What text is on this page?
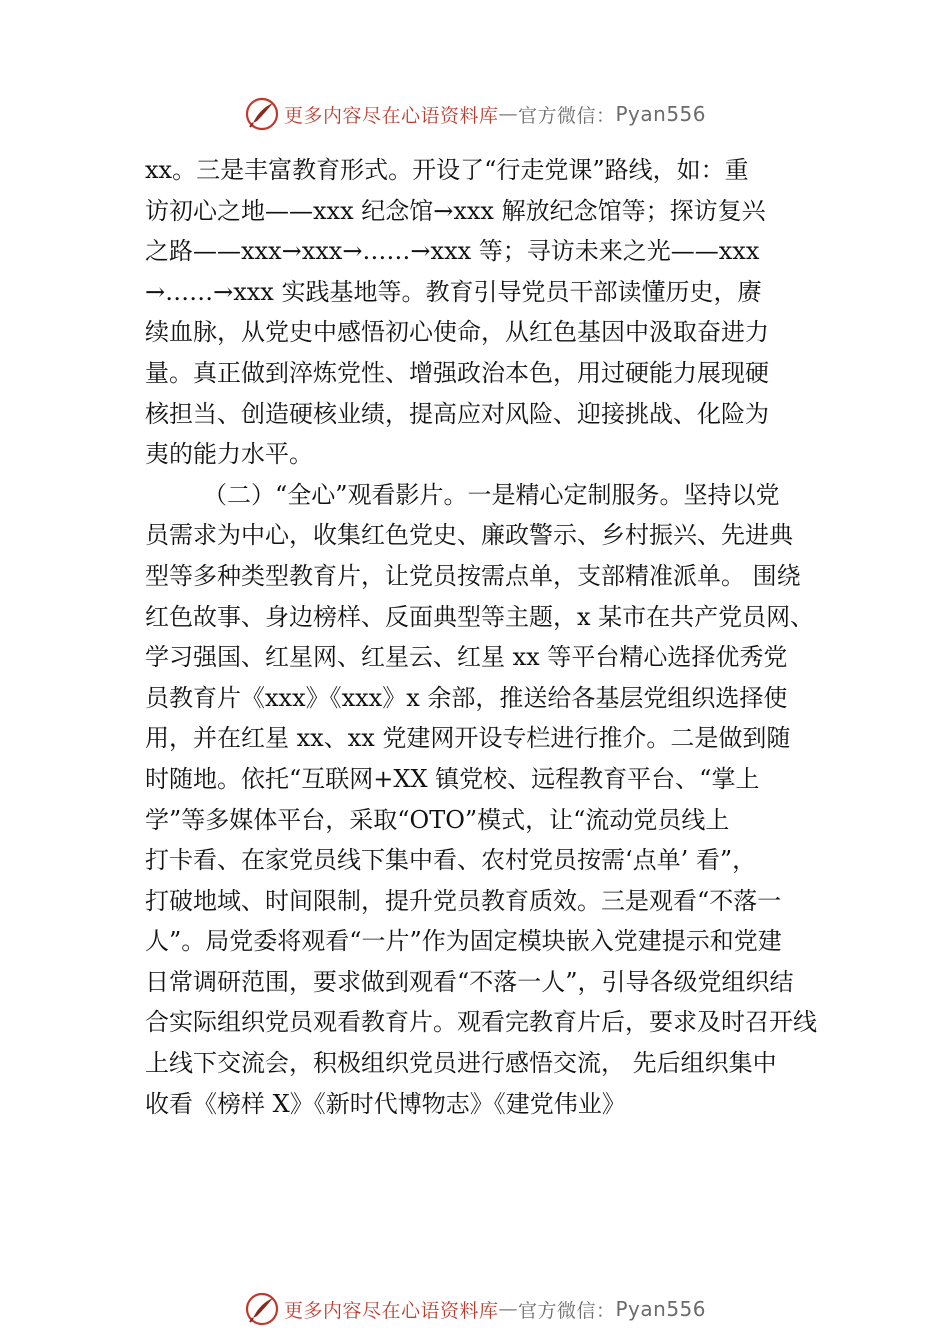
更多内容尽在心语资料库 — 官方微信： Pyan556
xx。三是丰富教育形式。开设了“行走党课”路线，如：重
访初心之地——xxx 纪念馆→xxx 解放纪念馆等；探访复兴
之路——xxx→xxx→……→xxx 等；寻访未来之光——xxx
→……→xxx 实践基地等。教育引导党员干部读懂历史，赓
续血脉，从党史中感悟初心使命，从红色基因中汲取奋进力
量。真正做到淬炼党性、增强政治本色，用过硬能力展现硬
核担当、创造硬核业绩，提高应对风险、迎接挑战、化险为
夷的能力水平。
（二）“全心”观看影片。一是精心定制服务。坚持以党
员需求为中心，收集红色党史、廉政警示、乡村振兴、先进典
型等多种类型教育片，让党员按需点单，支部精准派单。 围绕
红色故事、身边榜样、反面典型等主题，x 某市在共产党员网、
学习强国、红星网、红星云、红星 xx 等平台精心选择优秀党
员教育片《xxx》《xxx》x 余部，推送给各基层党组织选择使
用，并在红星 xx、xx 党建网开设专栏进行推介。二是做到随
时随地。依托“互联网+XX 镇党校、远程教育平台、“掌上
学”等多媒体平台，采取“OTO”模式，让“流动党员线上
打卡看、在家党员线下集中看、农村党员按需‘点单’ 看”，
打破地域、时间限制，提升党员教育质效。三是观看“不落一
人”。局党委将观看“一片”作为固定模块嵌入党建提示和党建
日常调研范围，要求做到观看“不落一人”，引导各级党组织结
合实际组织党员观看教育片。观看完教育片后，要求及时召开线
上线下交流会，积极组织党员进行感悟交流， 先后组织集中
收看《榜样 X》《新时代博物志》《建党伟业》
更多内容尽在心语资料库 — 官方微信： Pyan556
